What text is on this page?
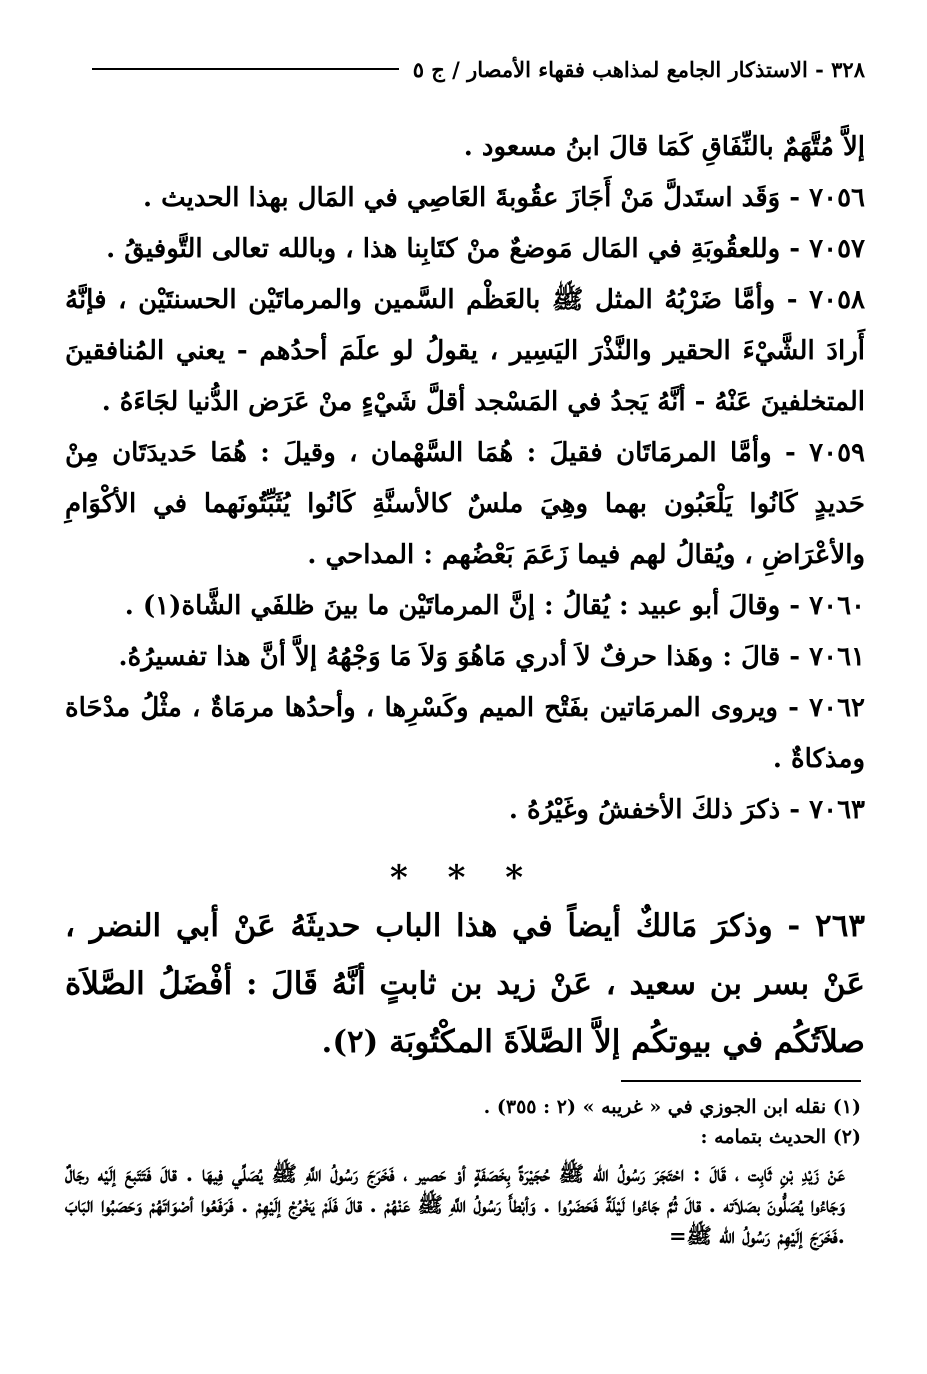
٣٢٨ - الاستذكار الجامع لمذاهب فقهاء الأمصار / ج ٥

إلاَّ مُتَّهَمٌ بالنِّفَاقِ كَمَا قالَ ابنُ مسعود .

٧٠٥٦ - وَقَد استَدلَّ مَنْ أَجَازَ عقُوبةَ العَاصِي في المَال بهذا الحديث .

٧٠٥٧ - وللعقُوبَةِ في المَال مَوضعٌ منْ كتَابِنا هذا ، وبالله تعالى التَّوفيقُ .

٧٠٥٨ - وأمَّا ضَرْبُهُ المثل ﷺ بالعَظْم السَّمين والمرماتَيْن الحسنتَيْن ، فإنَّهُ أَرادَ الشَّيْءَ الحقير والنَّذْرَ اليَسِير ، يقولُ لو علَمَ أحدُهم - يعني المُنافقينَ المتخلفينَ عَنْهُ - أنَّهُ يَجدُ في المَسْجد أقلَّ شَيْءٍ منْ عَرَض الدُّنيا لجَاءَهُ .

٧٠٥٩ - وأمَّا المرمَاتَان فقيلَ : هُمَا السَّهْمان ، وقيلَ : هُمَا حَديدَتَان مِنْ حَديدٍ كَانُوا يَلْعَبُون بهما وهِيَ ملسٌ كالأسنَّةِ كَانُوا يُثَبِّتُونَهما في الأكْوَامِ والأعْرَاضِ ، ويُقالُ لهم فيما زَعَمَ بَعْضُهم : المداحي .

٧٠٦٠ - وقالَ أبو عبيد : يُقالُ : إنَّ المرماتَيْن ما بينَ ظلفَي الشَّاة(١) .

٧٠٦١ - قالَ : وهَذا حرفٌ لاَ أدري مَاهُوَ وَلاَ مَا وَجْهُهُ إلاَّ أنَّ هذا تفسيرُهُ.

٧٠٦٢ - ويروى المرمَاتين بفَتْح الميم وكَسْرِها ، وأحدُها مرمَاةٌ ، مثْلُ مدْحَاة ومذكاةٌ .

٧٠٦٣ - ذكرَ ذلكَ الأخفشُ وغَيْرُهُ .

* * *
٢٦٣ - وذكرَ مَالكٌ أيضاً في هذا الباب حديثَهُ عَنْ أبي النضر ، عَنْ بسر بن سعيد ، عَنْ زيد بن ثابتٍ أنَّهُ قَالَ : أفْضَلُ الصَّلاَة صلاَتُكُم في بيوتكُم إلاَّ الصَّلاَةَ المكْتُوبَة (٢).

(١) نقله ابن الجوزي في « غريبه » (٢ : ٣٥٥) .

(٢) الحديث بتمامه :

عَنْ زَيْدِ بْنِ ثَابِت ، قَالَ : احْتَجَرَ رَسُولُ الله ﷺ حُجَيْرَةً بِخَصَفَةٍ أوْ حَصير ، فَخَرَجَ رَسُولُ اللَّهِ ﷺ يُصَلِّي فِيهَا . قالَ فَتَتَبعَ إلَيْه رجَالٌ وَجَاءُوا يُصَلُّونَ بصَلاَته . قالَ ثُمَّ جَاءُوا لَيْلَةً فَحَضَرُوا . وَأبْطأَ رَسُولُ اللَّهِ ﷺ عَنْهُمْ . قالَ فَلَمْ يَخْرُجْ إلَيْهِمْ . فَرَفَعُوا أصْوَاتَهُمْ وَحَصَبُوا البَابَ .فَخَرَجَ إلَيْهِمْ رَسُولُ الله ﷺ=
